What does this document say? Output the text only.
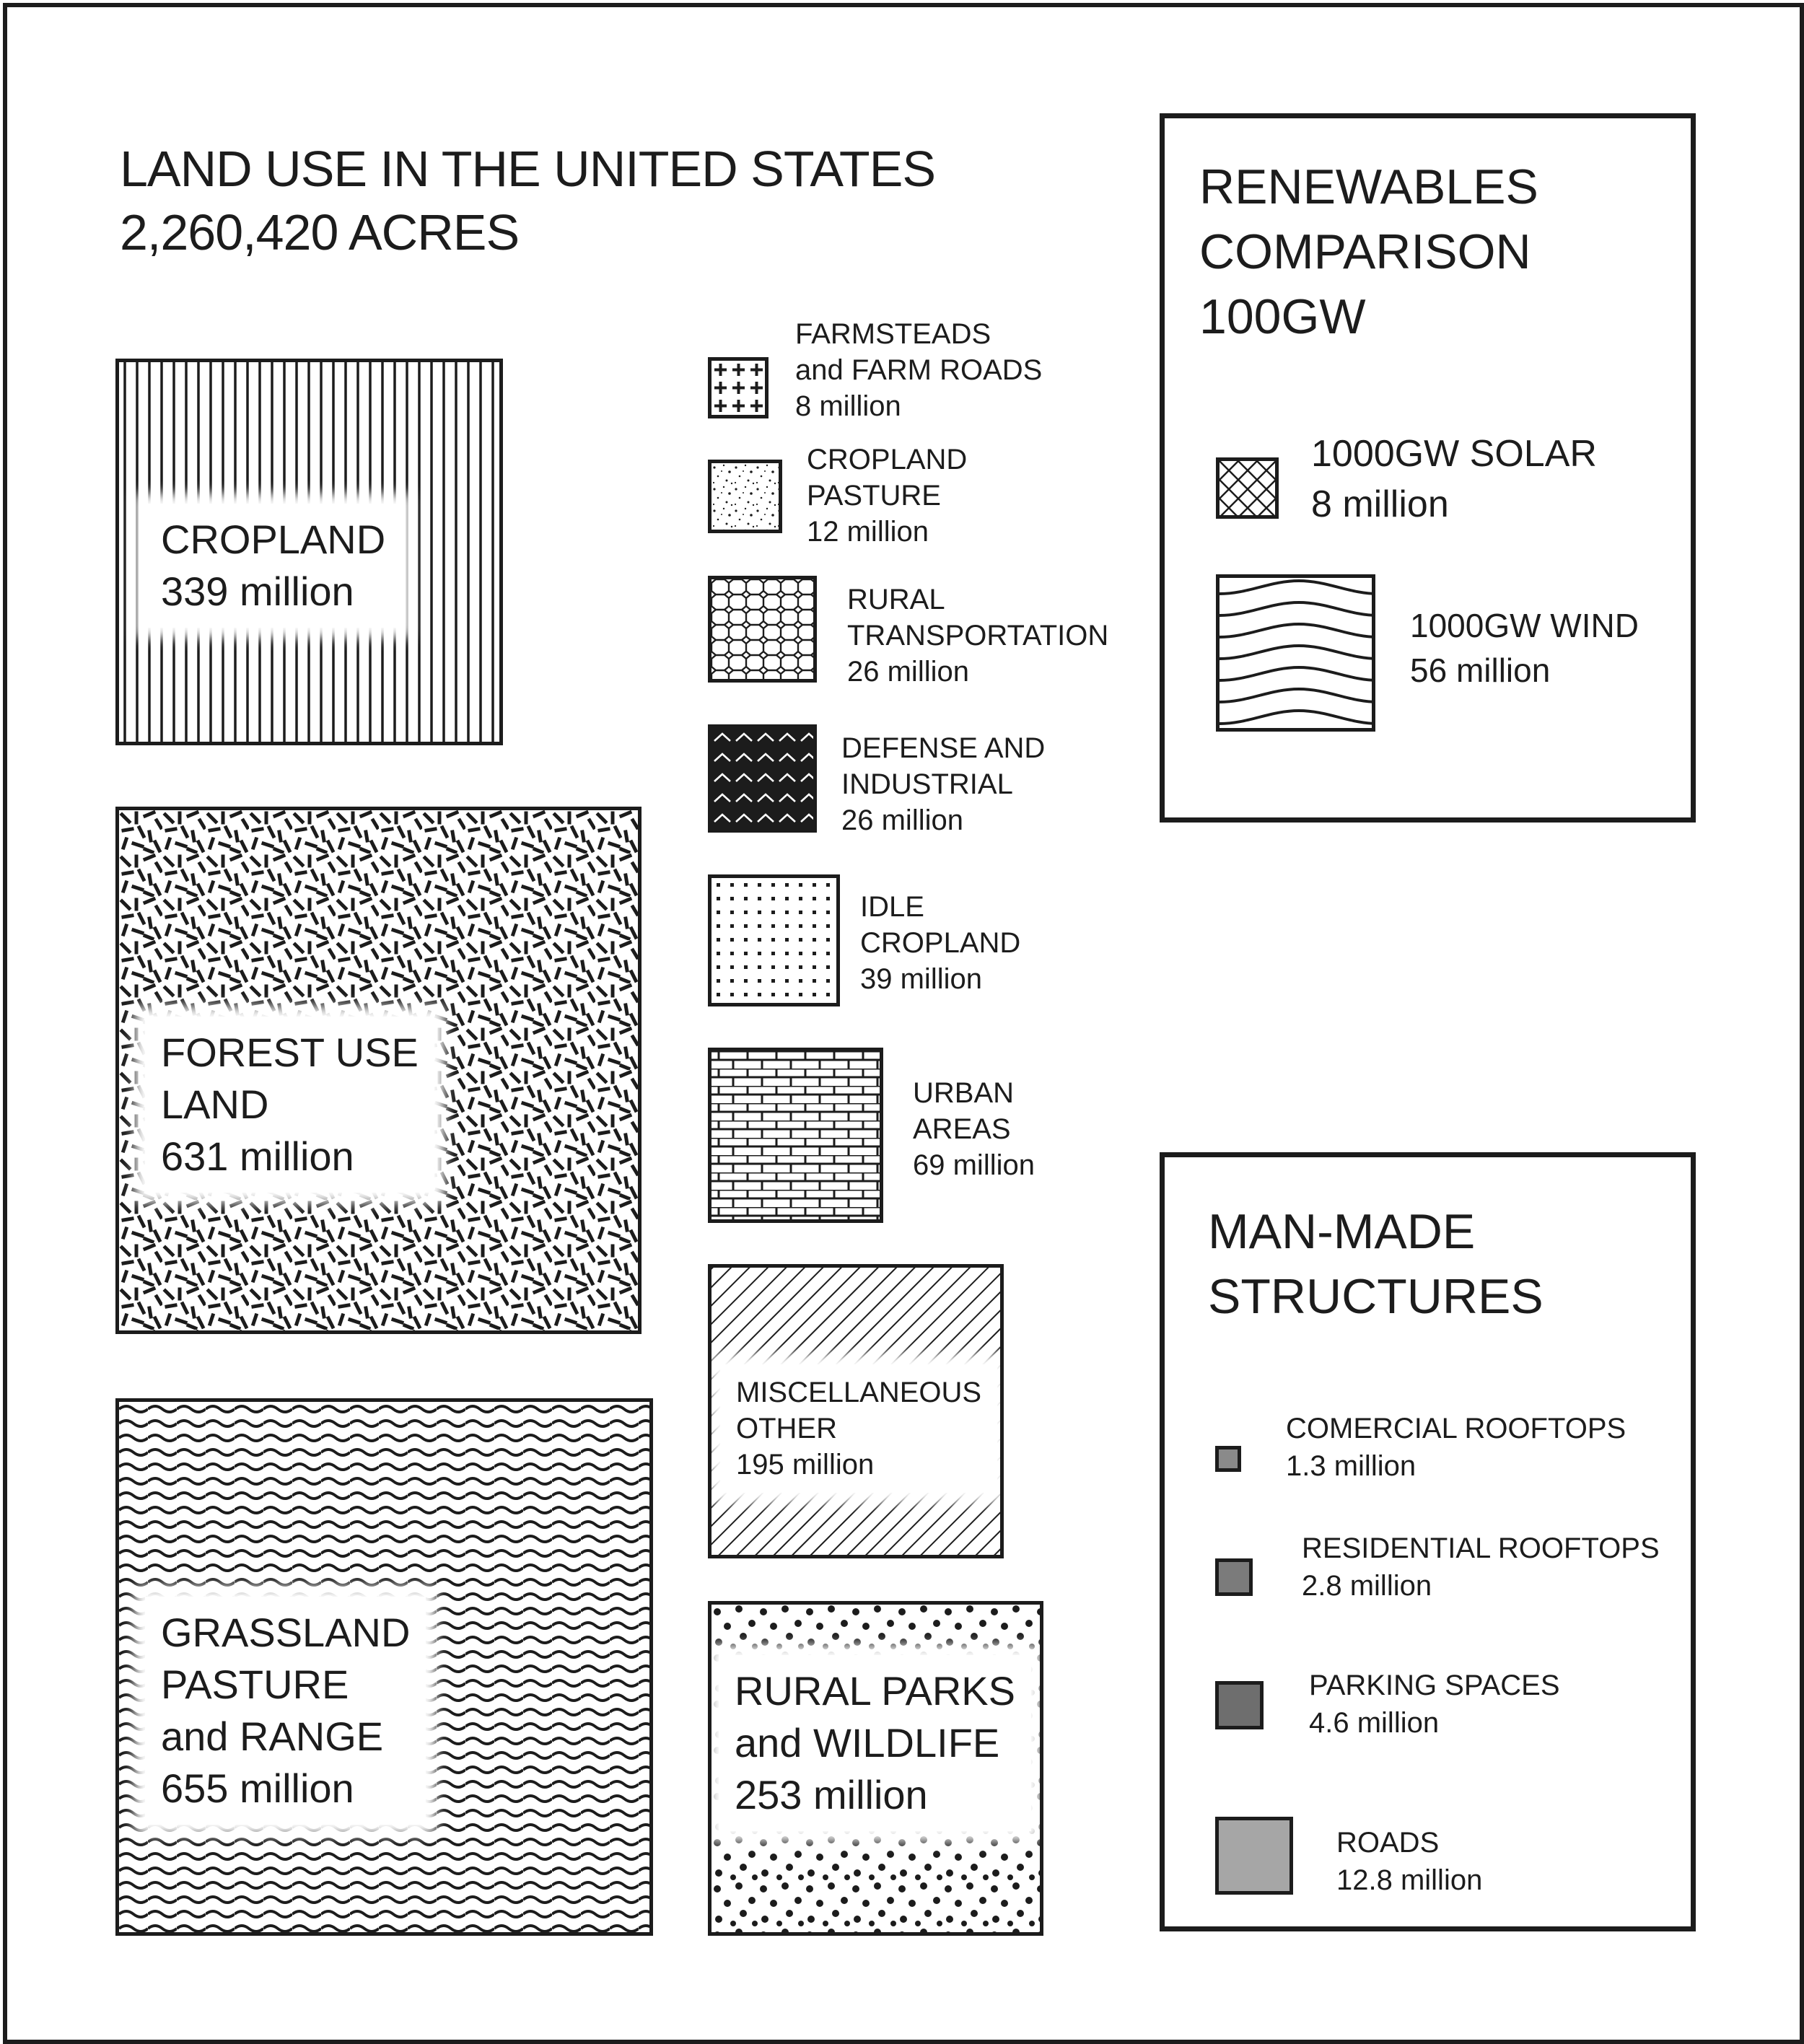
LAND USE IN THE UNITED STATES
2,260,420 ACRES
CROPLAND
339 million
FOREST USE
LAND
631 million
GRASSLAND
PASTURE
and RANGE
655 million
MISCELLANEOUS
OTHER
195 million
RURAL PARKS
and WILDLIFE
253 million
FARMSTEADS
and FARM ROADS
8 million
CROPLAND
PASTURE
12 million
RURAL
TRANSPORTATION
26 million
DEFENSE AND
INDUSTRIAL
26 million
IDLE
CROPLAND
39 million
URBAN
AREAS
69 million
RENEWABLES
COMPARISON
100GW
1000GW SOLAR
8 million
1000GW WIND
56 million
MAN-MADE
STRUCTURES
COMERCIAL ROOFTOPS
1.3 million
RESIDENTIAL ROOFTOPS
2.8 million
PARKING SPACES
4.6 million
ROADS
12.8 million
